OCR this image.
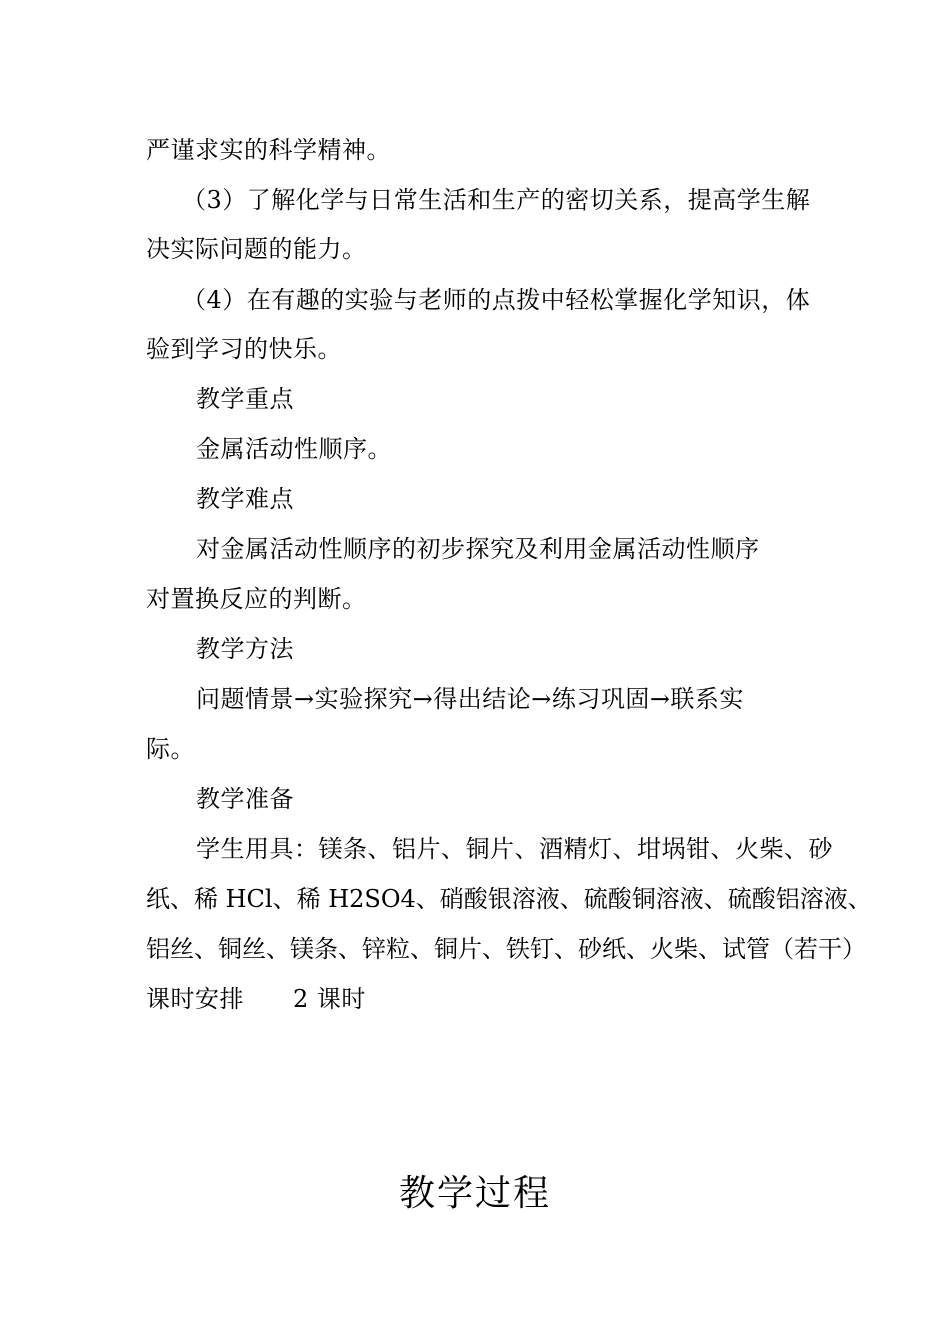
严谨求实的科学精神。
（3）了解化学与日常生活和生产的密切关系，提高学生解
决实际问题的能力。
（4）在有趣的实验与老师的点拨中轻松掌握化学知识，体
验到学习的快乐。
教学重点
金属活动性顺序。
教学难点
对金属活动性顺序的初步探究及利用金属活动性顺序
对置换反应的判断。
教学方法
问题情景→实验探究→得出结论→练习巩固→联系实
际。
教学准备
学生用具：镁条、铝片、铜片、酒精灯、坩埚钳、火柴、砂
纸、稀 HCl、稀 H2SO4、硝酸银溶液、硫酸铜溶液、硫酸铝溶液、
铝丝、铜丝、镁条、锌粒、铜片、铁钉、砂纸、火柴、试管（若干）
课时安排　　2 课时
教学过程
